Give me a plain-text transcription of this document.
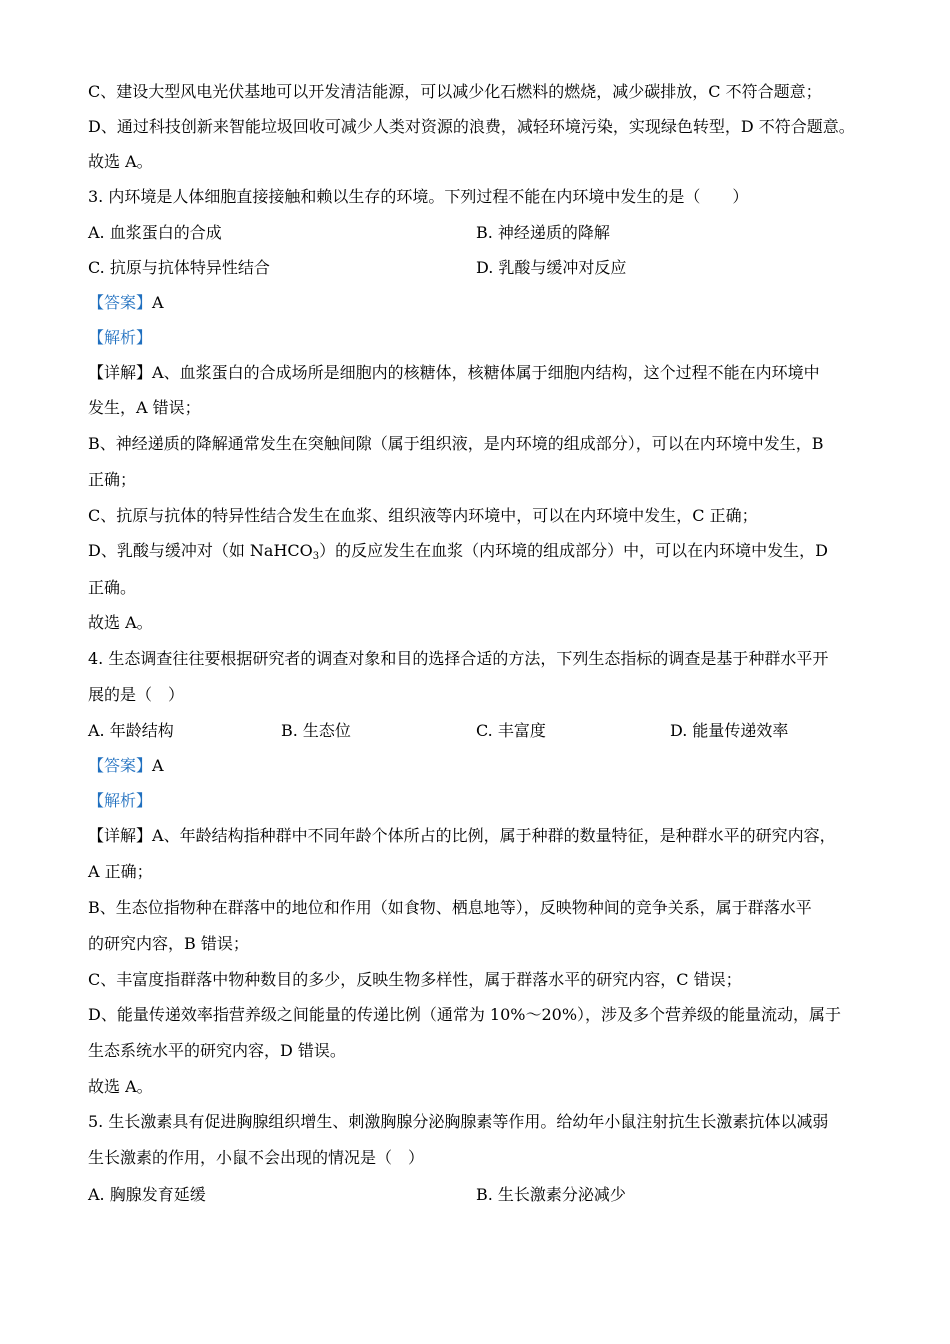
C、建设大型风电光伏基地可以开发清洁能源，可以减少化石燃料的燃烧，减少碳排放，C 不符合题意；
D、通过科技创新来智能垃圾回收可减少人类对资源的浪费，减轻环境污染，实现绿色转型，D 不符合题意。
故选 A。
3. 内环境是人体细胞直接接触和赖以生存的环境。下列过程不能在内环境中发生的是（　　）
A. 血浆蛋白的合成	B. 神经递质的降解
C. 抗原与抗体特异性结合	D. 乳酸与缓冲对反应
【答案】A
【解析】
【详解】A、血浆蛋白的合成场所是细胞内的核糖体，核糖体属于细胞内结构，这个过程不能在内环境中
发生，A 错误；
B、神经递质的降解通常发生在突触间隙（属于组织液，是内环境的组成部分），可以在内环境中发生，B
正确；
C、抗原与抗体的特异性结合发生在血浆、组织液等内环境中，可以在内环境中发生，C 正确；
D、乳酸与缓冲对（如 NaHCO$_3$）的反应发生在血浆（内环境的组成部分）中，可以在内环境中发生，D
正确。
故选 A。
4. 生态调查往往要根据研究者的调查对象和目的选择合适的方法，下列生态指标的调查是基于种群水平开
展的是（　）
A. 年龄结构	B. 生态位	C. 丰富度	D. 能量传递效率
【答案】A
【解析】
【详解】A、年龄结构指种群中不同年龄个体所占的比例，属于种群的数量特征，是种群水平的研究内容，
A 正确；
B、生态位指物种在群落中的地位和作用（如食物、栖息地等），反映物种间的竞争关系，属于群落水平
的研究内容，B 错误；
C、丰富度指群落中物种数目的多少，反映生物多样性，属于群落水平的研究内容，C 错误；
D、能量传递效率指营养级之间能量的传递比例（通常为 10%～20%），涉及多个营养级的能量流动，属于
生态系统水平的研究内容，D 错误。
故选 A。
5. 生长激素具有促进胸腺组织增生、刺激胸腺分泌胸腺素等作用。给幼年小鼠注射抗生长激素抗体以减弱
生长激素的作用，小鼠不会出现的情况是（　）
A. 胸腺发育延缓	B. 生长激素分泌减少
